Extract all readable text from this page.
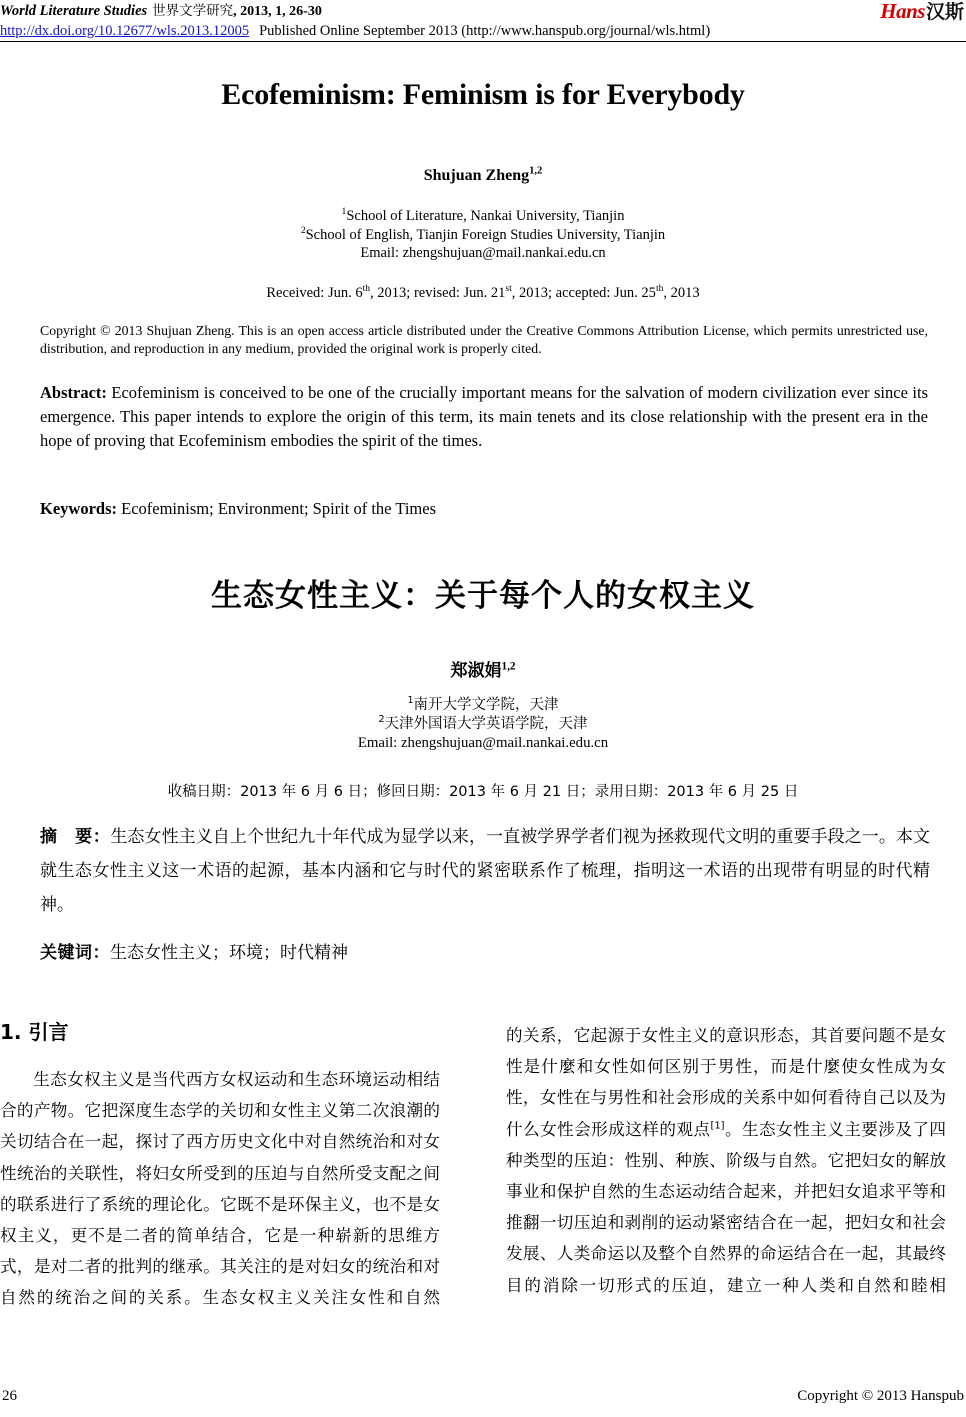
World Literature Studies 世界文学研究, 2013, 1, 26-30	Hans汉斯
http://dx.doi.org/10.12677/wls.2013.12005 Published Online September 2013 (http://www.hanspub.org/journal/wls.html)
Ecofeminism: Feminism is for Everybody
Shujuan Zheng$^{1,2}$
$^1$School of Literature, Nankai University, Tianjin
$^2$School of English, Tianjin Foreign Studies University, Tianjin
Email: zhengshujuan@mail.nankai.edu.cn
Received: Jun. 6th, 2013; revised: Jun. 21st, 2013; accepted: Jun. 25th, 2013
Copyright © 2013 Shujuan Zheng. This is an open access article distributed under the Creative Commons Attribution License, which permits unrestricted use, distribution, and reproduction in any medium, provided the original work is properly cited.
Abstract: Ecofeminism is conceived to be one of the crucially important means for the salvation of modern civilization ever since its emergence. This paper intends to explore the origin of this term, its main tenets and its close relationship with the present era in the hope of proving that Ecofeminism embodies the spirit of the times.
Keywords: Ecofeminism; Environment; Spirit of the Times
生态女性主义：关于每个人的女权主义
郑淑娟$^{1,2}$
$^1$南开大学文学院，天津
$^2$天津外国语大学英语学院，天津
Email: zhengshujuan@mail.nankai.edu.cn
收稿日期：2013 年 6 月 6 日；修回日期：2013 年 6 月 21 日；录用日期：2013 年 6 月 25 日
摘　要：生态女性主义自上个世纪九十年代成为显学以来，一直被学界学者们视为拯救现代文明的重要手段之一。本文就生态女性主义这一术语的起源，基本内涵和它与时代的紧密联系作了梳理，指明这一术语的出现带有明显的时代精神。
关键词：生态女性主义；环境；时代精神
1. 引言
生态女权主义是当代西方女权运动和生态环境运动相结合的产物。它把深度生态学的关切和女性主义第二次浪潮的关切结合在一起，探讨了西方历史文化中对自然统治和对女性统治的关联性，将妇女所受到的压迫与自然所受支配之间的联系进行了系统的理论化。它既不是环保主义，也不是女权主义，更不是二者的简单结合，它是一种崭新的思维方式，是对二者的批判的继承。其关注的是对妇女的统治和对自然的统治之间的关系。生态女权主义关注女性和自然
的关系，它起源于女性主义的意识形态，其首要问题不是女性是什麼和女性如何区别于男性，而是什麼使女性成为女性，女性在与男性和社会形成的关系中如何看待自己以及为什么女性会形成这样的观点[1]。生态女性主义主要涉及了四种类型的压迫：性别、种族、阶级与自然。它把妇女的解放事业和保护自然的生态运动结合起来，并把妇女追求平等和推翻一切压迫和剥削的运动紧密结合在一起，把妇女和社会发展、人类命运以及整个自然界的命运结合在一起，其最终目的消除一切形式的压迫，建立一种人类和自然和睦相
26	Copyright © 2013 Hanspub
